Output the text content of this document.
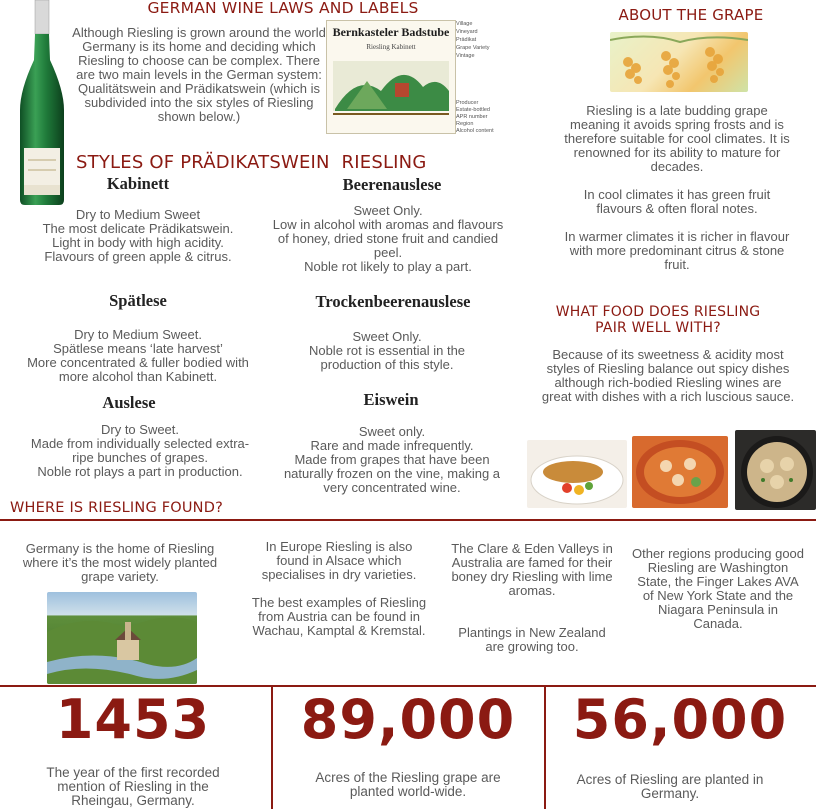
GERMAN WINE LAWS AND LABELS
Although Riesling is grown around the world Germany is its home and deciding which Riesling to choose can be complex. There are two main levels in the German system: Qualitätswein and Prädikatswein (which is subdivided into the six styles of Riesling shown below.)
Bernkasteler Badstube
Riesling Kabinett
Village
Vineyard
Prädikat
Grape Variety
Vintage
Producer
Estate-bottled
APR number
Region
Alcohol content
STYLES OF PRÄDIKATSWEIN  RIESLING
Kabinett
Dry to Medium Sweet
The most delicate Prädikatswein.
Light in body with high acidity.
Flavours of green apple & citrus.
Beerenauslese
Sweet Only.
Low in alcohol with aromas and flavours of honey, dried stone fruit and candied peel.
Noble rot likely to play a part.
Spätlese
Dry to Medium Sweet.
Spätlese means ‘late harvest’
More concentrated & fuller bodied with more alcohol than Kabinett.
Trockenbeerenauslese
Sweet Only.
Noble rot is essential in the production of this style.
Auslese
Dry to Sweet.
Made from individually selected extra-ripe bunches of grapes.
Noble rot plays a part in production.
Eiswein
Sweet only.
Rare and made infrequently.
Made from grapes that have been naturally frozen on the vine, making a very concentrated wine.
ABOUT THE GRAPE
Riesling is a late budding grape meaning it avoids spring frosts and is therefore suitable for cool climates. It is renowned for its ability to mature for decades.
In cool climates it has green fruit flavours & often floral notes.
In warmer climates it is richer in flavour with more predominant citrus & stone fruit.
WHAT FOOD DOES RIESLING PAIR WELL WITH?
Because of its sweetness & acidity most styles of Riesling balance out spicy dishes although rich-bodied Riesling wines are great with dishes with a rich luscious sauce.
WHERE IS RIESLING FOUND?
Germany is the home of Riesling where it’s the most widely planted grape variety.
In Europe Riesling is also found in Alsace which specialises in dry varieties.
The best examples of Riesling from Austria can be found in Wachau, Kamptal & Kremstal.
The Clare & Eden Valleys in Australia are famed for their boney dry Riesling with lime aromas.
Plantings in New Zealand are growing too.
Other regions producing good Riesling are Washington State, the Finger Lakes AVA of New York State and the Niagara Peninsula in Canada.
1453
The year of the first recorded mention of Riesling in the Rheingau, Germany.
89,000
Acres of the Riesling grape are planted world-wide.
56,000
Acres of Riesling are planted in Germany.
